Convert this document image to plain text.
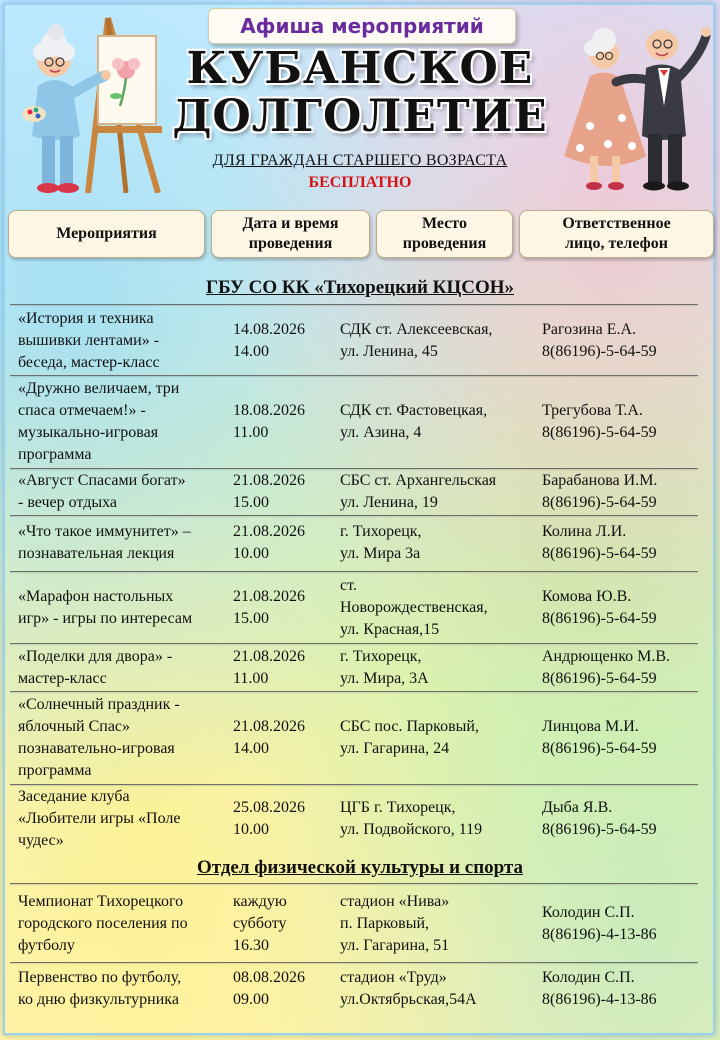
Афиша мероприятий
КУБАНСКОЕ
ДОЛГОЛЕТИЕ
ДЛЯ ГРАЖДАН СТАРШЕГО ВОЗРАСТА
БЕСПЛАТНО
Мероприятия
Дата и время
проведения
Место
проведения
Ответственное
лицо, телефон
ГБУ СО КК «Тихорецкий КЦСОН»
«История и техника
вышивки лентами» -
беседа, мастер-класс
14.08.2026
14.00
СДК ст. Алексеевская,
ул. Ленина, 45
Рагозина Е.А.
8(86196)-5-64-59
«Дружно величаем, три
спаса отмечаем!» -
музыкально-игровая
программа
18.08.2026
11.00
СДК ст. Фастовецкая,
ул. Азина, 4
Трегубова Т.А.
8(86196)-5-64-59
«Август Спасами богат»
- вечер отдыха
21.08.2026
15.00
СБС ст. Архангельская
ул. Ленина, 19
Барабанова И.М.
8(86196)-5-64-59
«Что такое иммунитет» –
познавательная лекция
21.08.2026
10.00
г. Тихорецк,
ул. Мира 3а
Колина Л.И.
8(86196)-5-64-59
«Марафон настольных
игр» - игры по интересам
21.08.2026
15.00
ст.
Новорождественская,
ул. Красная,15
Комова Ю.В.
8(86196)-5-64-59
«Поделки для двора» -
мастер-класс
21.08.2026
11.00
г. Тихорецк,
ул. Мира, 3А
Андрющенко М.В.
8(86196)-5-64-59
«Солнечный праздник -
яблочный Спас»
познавательно-игровая
программа
21.08.2026
14.00
СБС пос. Парковый,
ул. Гагарина, 24
Линцова М.И.
8(86196)-5-64-59
Заседание клуба
«Любители игры «Поле
чудес»
25.08.2026
10.00
ЦГБ г. Тихорецк,
ул. Подвойского, 119
Дыба Я.В.
8(86196)-5-64-59
Отдел физической культуры и спорта
Чемпионат Тихорецкого
городского поселения по
футболу
каждую
субботу
16.30
стадион «Нива»
п. Парковый,
ул. Гагарина, 51
Колодин С.П.
8(86196)-4-13-86
Первенство по футболу,
ко дню физкультурника
08.08.2026
09.00
стадион «Труд»
ул.Октябрьская,54А
Колодин С.П.
8(86196)-4-13-86
